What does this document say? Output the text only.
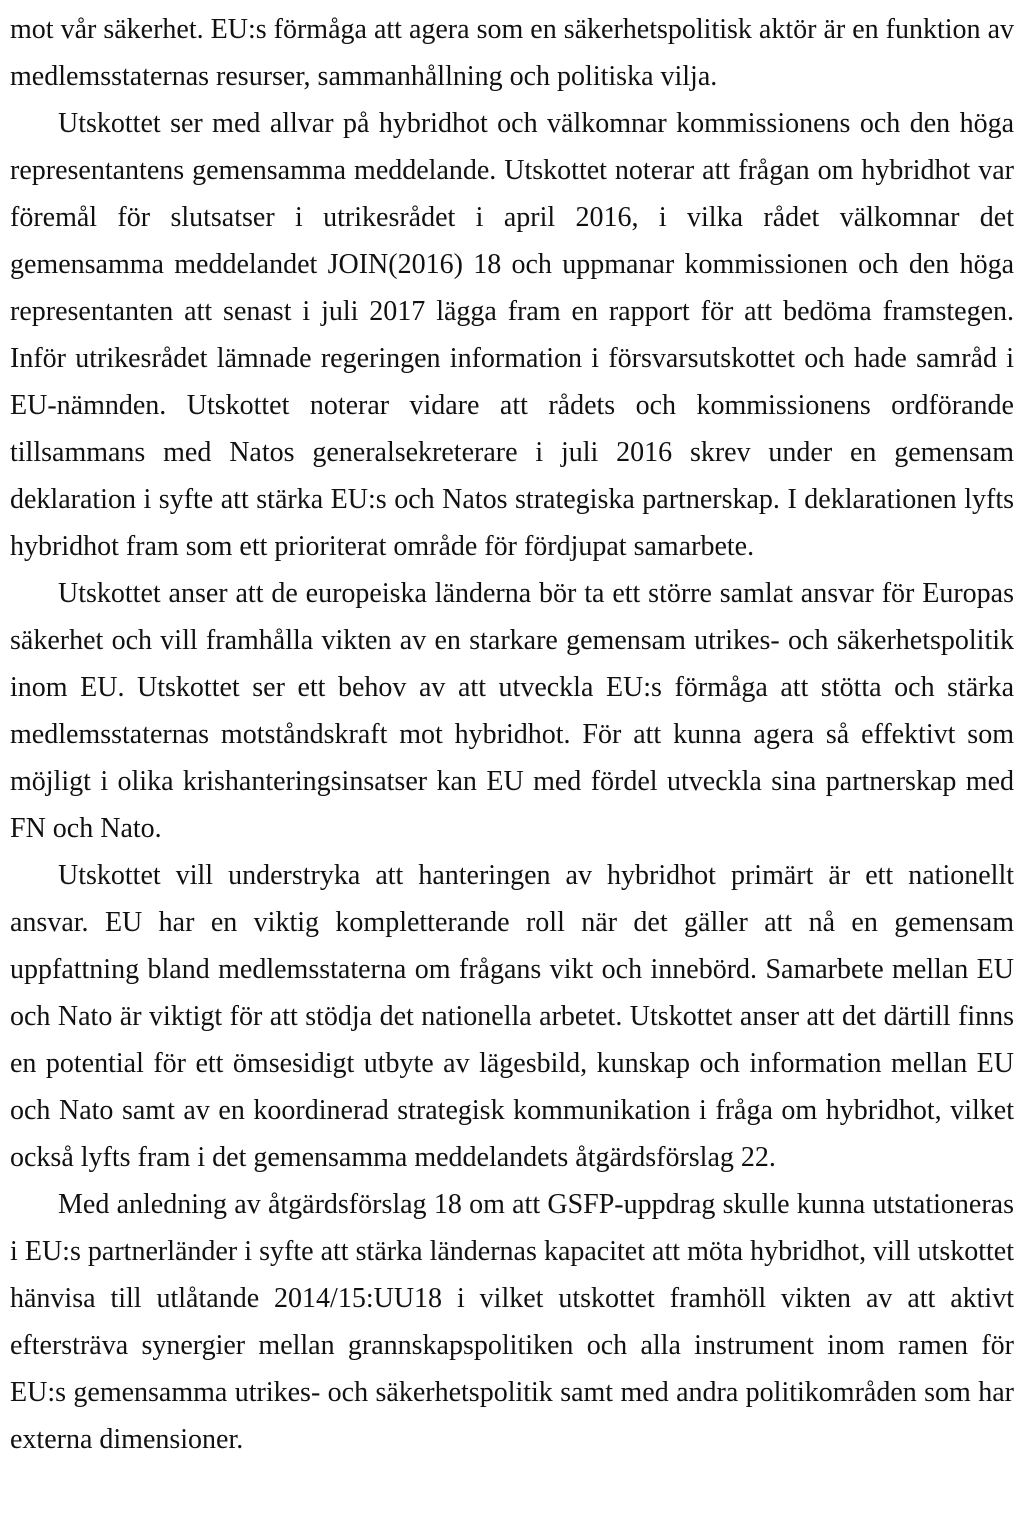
mot vår säkerhet. EU:s förmåga att agera som en säkerhetspolitisk aktör är en funktion av medlemsstaternas resurser, sammanhållning och politiska vilja.

Utskottet ser med allvar på hybridhot och välkomnar kommissionens och den höga representantens gemensamma meddelande. Utskottet noterar att frågan om hybridhot var föremål för slutsatser i utrikesrådet i april 2016, i vilka rådet välkomnar det gemensamma meddelandet JOIN(2016) 18 och uppmanar kommissionen och den höga representanten att senast i juli 2017 lägga fram en rapport för att bedöma framstegen. Inför utrikesrådet lämnade regeringen information i försvarsutskottet och hade samråd i EU-nämnden. Utskottet noterar vidare att rådets och kommissionens ordförande tillsammans med Natos generalsekreterare i juli 2016 skrev under en gemensam deklaration i syfte att stärka EU:s och Natos strategiska partnerskap. I deklarationen lyfts hybridhot fram som ett prioriterat område för fördjupat samarbete.

Utskottet anser att de europeiska länderna bör ta ett större samlat ansvar för Europas säkerhet och vill framhålla vikten av en starkare gemensam utrikes- och säkerhetspolitik inom EU. Utskottet ser ett behov av att utveckla EU:s förmåga att stötta och stärka medlemsstaternas motståndskraft mot hybridhot. För att kunna agera så effektivt som möjligt i olika krishanteringsinsatser kan EU med fördel utveckla sina partnerskap med FN och Nato.

Utskottet vill understryka att hanteringen av hybridhot primärt är ett nationellt ansvar. EU har en viktig kompletterande roll när det gäller att nå en gemensam uppfattning bland medlemsstaterna om frågans vikt och innebörd. Samarbete mellan EU och Nato är viktigt för att stödja det nationella arbetet. Utskottet anser att det därtill finns en potential för ett ömsesidigt utbyte av lägesbild, kunskap och information mellan EU och Nato samt av en koordinerad strategisk kommunikation i fråga om hybridhot, vilket också lyfts fram i det gemensamma meddelandets åtgärdsförslag 22.

Med anledning av åtgärdsförslag 18 om att GSFP-uppdrag skulle kunna utstationeras i EU:s partnerländer i syfte att stärka ländernas kapacitet att möta hybridhot, vill utskottet hänvisa till utlåtande 2014/15:UU18 i vilket utskottet framhöll vikten av att aktivt eftersträva synergier mellan grannskapspolitiken och alla instrument inom ramen för EU:s gemensamma utrikes- och säkerhetspolitik samt med andra politikområden som har externa dimensioner.
